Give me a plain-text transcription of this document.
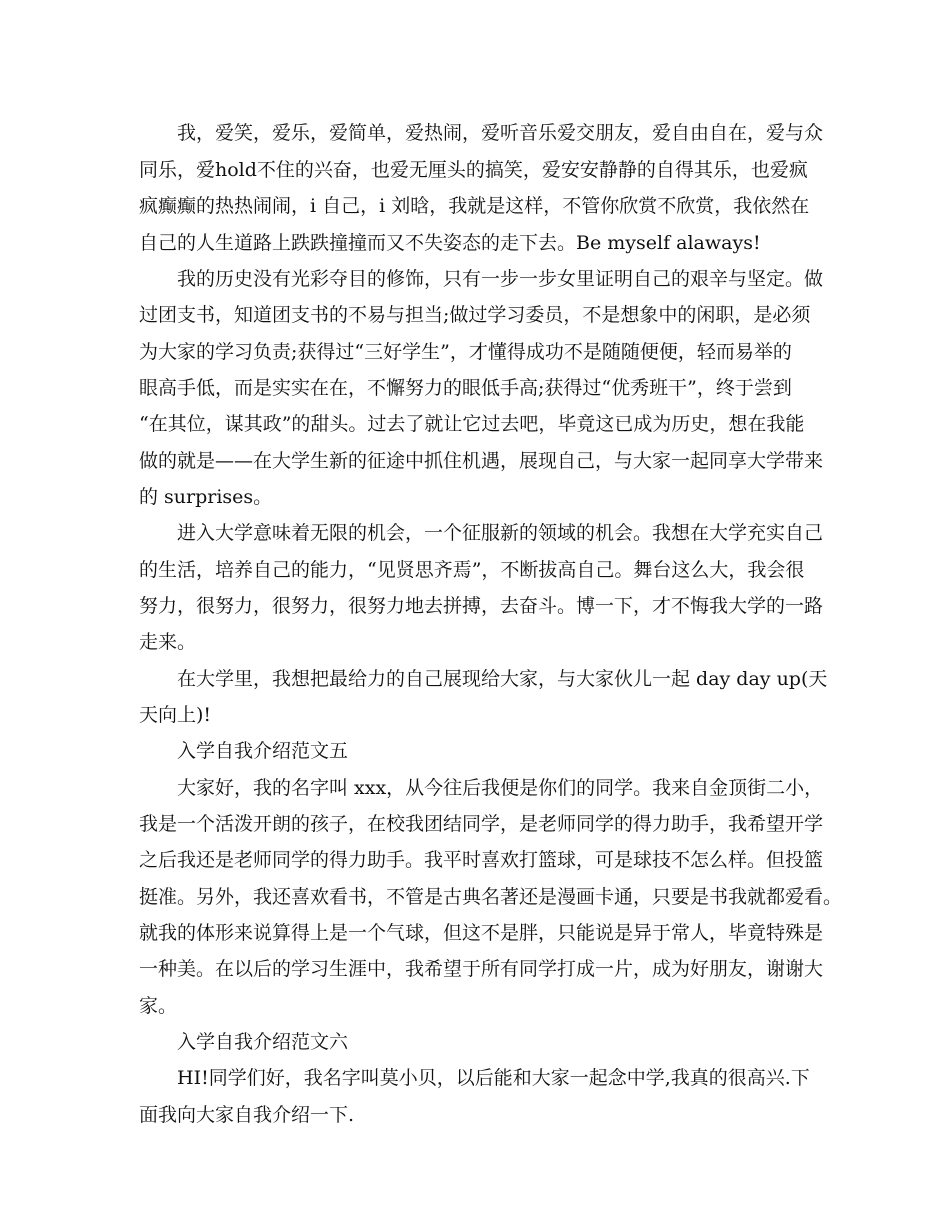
我，爱笑，爱乐，爱简单，爱热闹，爱听音乐爱交朋友，爱自由自在，爱与众
同乐，爱hold不住的兴奋，也爱无厘头的搞笑，爱安安静静的自得其乐，也爱疯
疯癫癫的热热闹闹，i 自己，i 刘晗，我就是这样，不管你欣赏不欣赏，我依然在
自己的人生道路上跌跌撞撞而又不失姿态的走下去。Be myself alaways!
我的历史没有光彩夺目的修饰，只有一步一步女里证明自己的艰辛与坚定。做
过团支书，知道团支书的不易与担当;做过学习委员，不是想象中的闲职，是必须
为大家的学习负责;获得过“三好学生”，才懂得成功不是随随便便，轻而易举的
眼高手低，而是实实在在，不懈努力的眼低手高;获得过“优秀班干”，终于尝到
“在其位，谋其政”的甜头。过去了就让它过去吧，毕竟这已成为历史，想在我能
做的就是——在大学生新的征途中抓住机遇，展现自己，与大家一起同享大学带来
的 surprises。
进入大学意味着无限的机会，一个征服新的领域的机会。我想在大学充实自己
的生活，培养自己的能力，“见贤思齐焉”，不断拔高自己。舞台这么大，我会很
努力，很努力，很努力，很努力地去拼搏，去奋斗。博一下，才不悔我大学的一路
走来。
在大学里，我想把最给力的自己展现给大家，与大家伙儿一起 day day up(天
天向上)!
入学自我介绍范文五
大家好，我的名字叫 xxx，从今往后我便是你们的同学。我来自金顶街二小，
我是一个活泼开朗的孩子，在校我团结同学，是老师同学的得力助手，我希望开学
之后我还是老师同学的得力助手。我平时喜欢打篮球，可是球技不怎么样。但投篮
挺准。另外，我还喜欢看书，不管是古典名著还是漫画卡通，只要是书我就都爱看。
就我的体形来说算得上是一个气球，但这不是胖，只能说是异于常人，毕竟特殊是
一种美。在以后的学习生涯中，我希望于所有同学打成一片，成为好朋友，谢谢大
家。
入学自我介绍范文六
HI!同学们好，我名字叫莫小贝，以后能和大家一起念中学,我真的很高兴.下
面我向大家自我介绍一下.
